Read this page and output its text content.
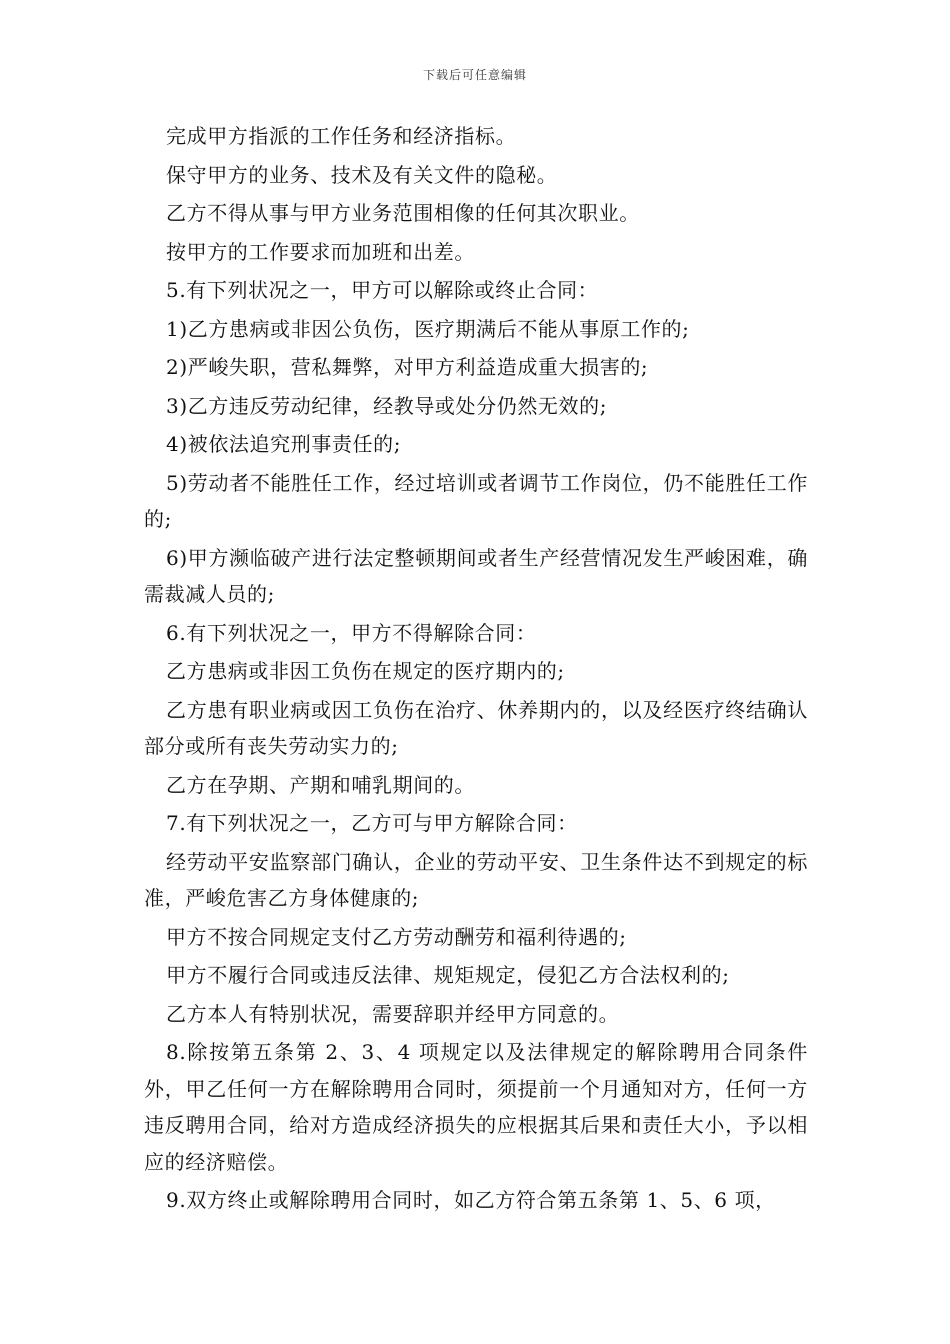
下载后可任意编辑

完成甲方指派的工作任务和经济指标。

保守甲方的业务、技术及有关文件的隐秘。

乙方不得从事与甲方业务范围相像的任何其次职业。

按甲方的工作要求而加班和出差。

5.有下列状况之一，甲方可以解除或终止合同：

1)乙方患病或非因公负伤，医疗期满后不能从事原工作的;

2)严峻失职，营私舞弊，对甲方利益造成重大损害的;

3)乙方违反劳动纪律，经教导或处分仍然无效的;

4)被依法追究刑事责任的;

5)劳动者不能胜任工作，经过培训或者调节工作岗位，仍不能胜任工作的;

6)甲方濒临破产进行法定整顿期间或者生产经营情况发生严峻困难，确需裁减人员的;

6.有下列状况之一，甲方不得解除合同：

乙方患病或非因工负伤在规定的医疗期内的;

乙方患有职业病或因工负伤在治疗、休养期内的，以及经医疗终结确认部分或所有丧失劳动实力的;

乙方在孕期、产期和哺乳期间的。

7.有下列状况之一，乙方可与甲方解除合同：

经劳动平安监察部门确认，企业的劳动平安、卫生条件达不到规定的标准，严峻危害乙方身体健康的;

甲方不按合同规定支付乙方劳动酬劳和福利待遇的;

甲方不履行合同或违反法律、规矩规定，侵犯乙方合法权利的;

乙方本人有特别状况，需要辞职并经甲方同意的。

8.除按第五条第 2、3、4 项规定以及法律规定的解除聘用合同条件外，甲乙任何一方在解除聘用合同时，须提前一个月通知对方，任何一方违反聘用合同，给对方造成经济损失的应根据其后果和责任大小，予以相应的经济赔偿。

9.双方终止或解除聘用合同时，如乙方符合第五条第 1、5、6 项，
